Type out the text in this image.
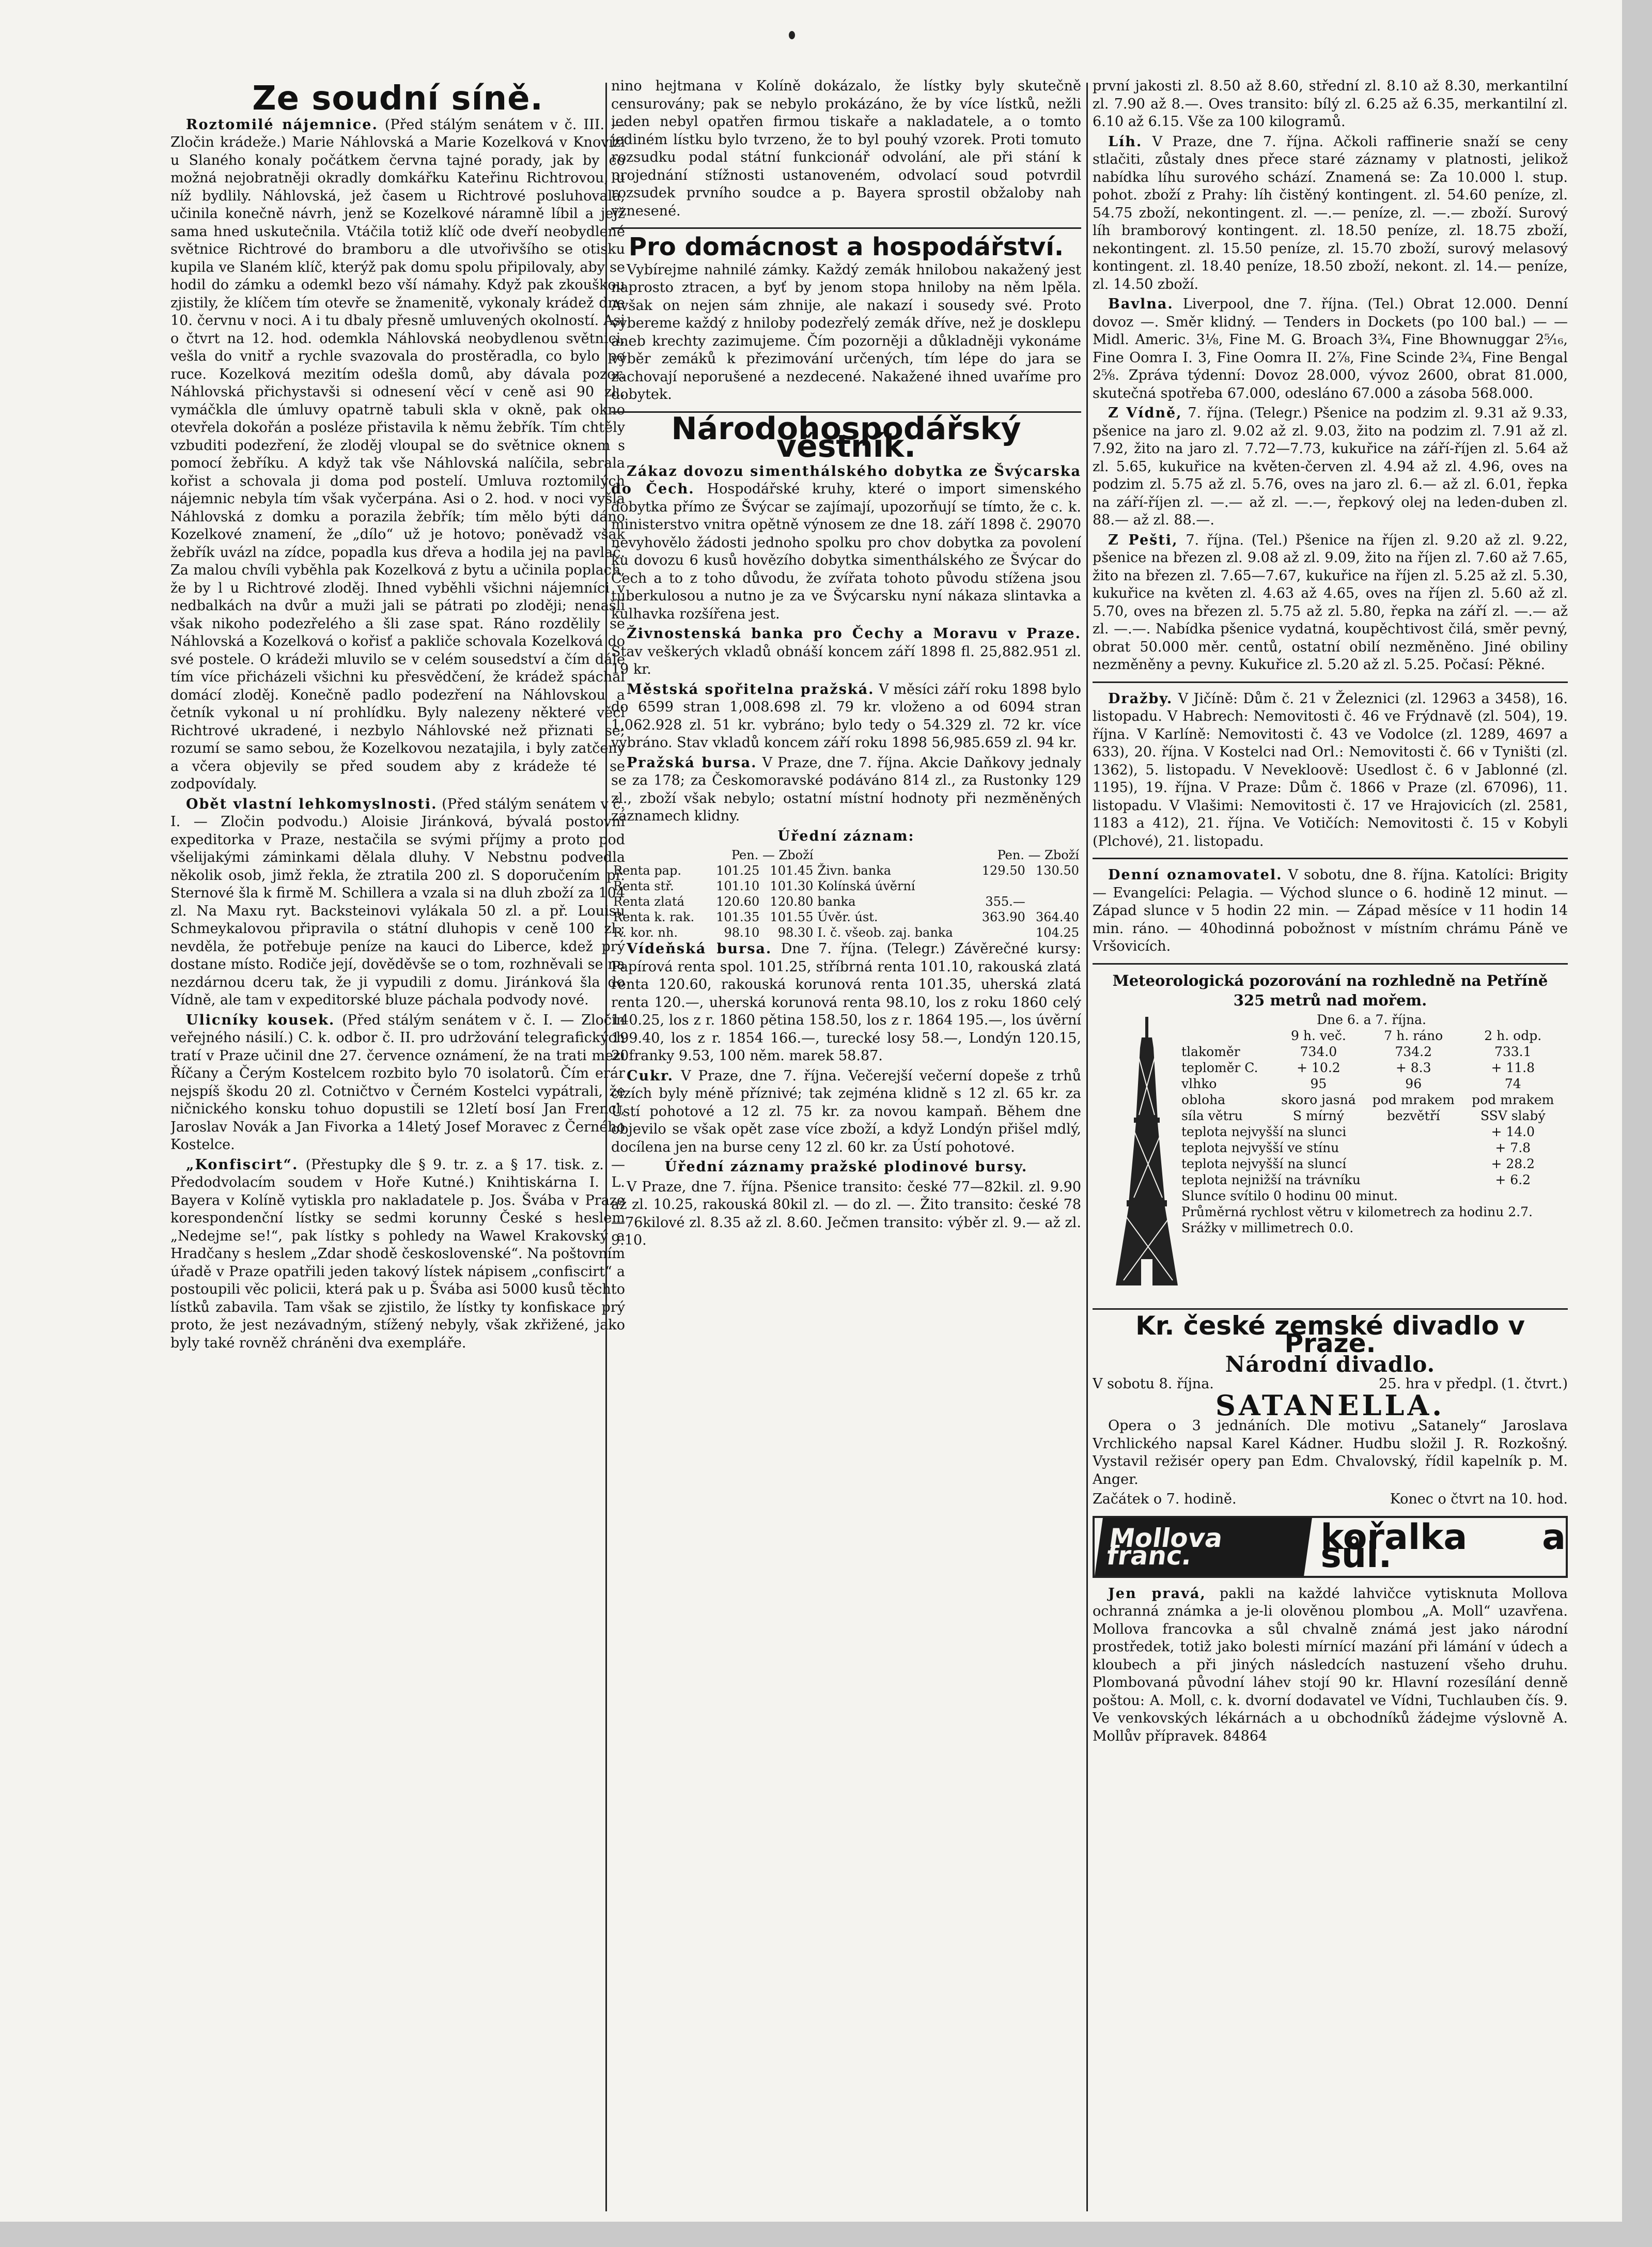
Ze soudní síně.

Roztomilé nájemnice. (Před stálým senátem v č. III. — Zločin krádeže.) Marie Náhlovská a Marie Kozelková v Knovízi u Slaného konaly počátkem června tajné porady, jak by co možná nejobratněji okradly domkářku Kateřinu Richtrovou, u níž bydlily. Náhlovská, jež časem u Richtrové posluhovala, učinila konečně návrh, jenž se Kozelkové náramně líbil a jejž sama hned uskutečnila. Vtáčila totiž klíč ode dveří neobydlené světnice Richtrové do bramboru a dle utvořivšího se otisku kupila ve Slaném klíč, kterýž pak domu spolu připilovaly, aby se hodil do zámku a odemkl bezo vší námahy. Když pak zkouškou zjistily, že klíčem tím otevře se žnamenitě, vykonaly krádež dne 10. červnu v noci. A i tu dbaly přesně umluvených okolností. Asi o čtvrt na 12. hod. odemkla Náhlovská neobydlenou světnici, vešla do vnitř a rychle svazovala do prostěradla, co bylo po ruce. Kozelková mezitím odešla domů, aby dávala pozor. Náhlovská přichystavši si odnesení věcí v ceně asi 90 zl., vymáčkla dle úmluvy opatrně tabuli skla v okně, pak okno otevřela dokořán a posléze přistavila k němu žebřík. Tím chtěly vzbuditi podezření, že zloděj vloupal se do světnice oknem s pomocí žebříku. A když tak vše Náhlovská nalíčila, sebrala kořist a schovala ji doma pod postelí. Umluva roztomilých nájemnic nebyla tím však vyčerpána. Asi o 2. hod. v noci vyšla Náhlovská z domku a porazila žebřík; tím mělo býti dáno Kozelkové znamení, že „dílo“ už je hotovo; poněvadž však žebřík uvázl na zídce, popadla kus dřeva a hodila jej na pavlač. Za malou chvíli vyběhla pak Kozelková z bytu a učinila poplach, že by l u Richtrové zloděj. Ihned vyběhli všichni nájemníci v nedbalkách na dvůr a muži jali se pátrati po zloději; nenašli však nikoho podezřelého a šli zase spat. Ráno rozdělily se Náhlovská a Kozelková o kořisť a pakliče schovala Kozelková do své postele. O krádeži mluvilo se v celém sousedství a čím dále tím více přicházeli všichni ku přesvědčení, že krádež spáchal domácí zloděj. Konečně padlo podezření na Náhlovskou a četník vykonal u ní prohlídku. Byly nalezeny některé věci Richtrové ukradené, i nezbylo Náhlovské než přiznati se; rozumí se samo sebou, že Kozelkovou nezatajila, i byly zatčeny a včera objevily se před soudem aby z krádeže té se zodpovídaly.

Obět vlastní lehkomyslnosti. (Před stálým senátem v č. I. — Zločin podvodu.) Aloisie Jiránková, bývalá postovní expeditorka v Praze, nestačila se svými příjmy a proto pod všelijakými záminkami dělala dluhy. V Nebstnu podvedla několik osob, jimž řekla, že ztratila 200 zl. S doporučením př. Sternové šla k firmě M. Schillera a vzala si na dluh zboží za 104 zl. Na Maxu ryt. Backsteinovi vylákala 50 zl. a př. Louisu Schmeykalovou připravila o státní dluhopis v ceně 100 zl.; nevděla, že potřebuje peníze na kauci do Liberce, kdež prý dostane místo. Rodiče její, dověděvše se o tom, rozhněvali se na nezdárnou dceru tak, že ji vypudili z domu. Jiránková šla do Vídně, ale tam v expeditorské bluze páchala podvody nové.

Ulicníky kousek. (Před stálým senátem v č. I. — Zločin veřejného násilí.) C. k. odbor č. II. pro udržování telegrafických tratí v Praze učinil dne 27. července oznámení, že na trati mezi Říčany a Čerým Kostelcem rozbito bylo 70 isolatorů. Čím erár nejspíš škodu 20 zl. Cotničtvo v Černém Kostelci vypátrali, že ničnického konsku tohuo dopustili se 12letí bosí Jan Frencl, Jaroslav Novák a Jan Fivorka a 14letý Josef Moravec z Černého Kostelce.

„Konfiscirt“. (Přestupky dle § 9. tr. z. a § 17. tisk. z. — Předodvolacím soudem v Hoře Kutné.) Knihtiskárna I. L. Bayera v Kolíně vytiskla pro nakladatele p. Jos. Švába v Praze korespondenční lístky se sedmi korunny České s heslem „Nedejme se!“, pak lístky s pohledy na Wawel Krakovský a Hradčany s heslem „Zdar shodě československé“. Na poštovním úřadě v Praze opatřili jeden takový lístek nápisem „confiscirt“ a postoupili věc policii, která pak u p. Švába asi 5000 kusů těchto lístků zabavila. Tam však se zjistilo, že lístky ty konfiskace prý proto, že jest nezávadným, stížený nebyly, však zkřižené, jako byly také rovněž chráněni dva exempláře.

nino hejtmana v Kolíně dokázalo, že lístky byly skutečně censurovány; pak se nebylo prokázáno, že by více lístků, nežli jeden nebyl opatřen firmou tiskaře a nakladatele, a o tomto jediném lístku bylo tvrzeno, že to byl pouhý vzorek. Proti tomuto rozsudku podal státní funkcionář odvolání, ale při stání k projednání stížnosti ustanoveném, odvolací soud potvrdil rozsudek prvního soudce a p. Bayera sprostil obžaloby nah vznesené.

Pro domácnost a hospodářství.

Vybírejme nahnilé zámky. Každý zemák hnilobou nakažený jest naprosto ztracen, a byť by jenom stopa hniloby na něm lpěla. Avšak on nejen sám zhnije, ale nakazí i sousedy své. Proto vybereme každý z hniloby podezřelý zemák dříve, než je dosklepu aneb krechty zazimujeme. Čím pozorněji a důkladněji vykonáme výběr zemáků k přezimování určených, tím lépe do jara se zachovají neporušené a nezdecené. Nakažené ihned uvaříme pro dobytek.

Národohospodářský věstník.

Zákaz dovozu simenthálského dobytka ze Švýcarska do Čech. Hospodářské kruhy, které o import simenského dobytka přímo ze Švýcar se zajímají, upozorňují se tímto, že c. k. ministerstvo vnitra opětně výnosem ze dne 18. září 1898 č. 29070 nevyhovělo žádosti jednoho spolku pro chov dobytka za povolení ku dovozu 6 kusů hovězího dobytka simenthálského ze Švýcar do Čech a to z toho důvodu, že zvířata tohoto původu stížena jsou tuberkulosou a nutno je za ve Švýcarsku nyní nákaza slintavka a kulhavka rozšířena jest.

Živnostenská banka pro Čechy a Moravu v Praze. Stav veškerých vkladů obnáší koncem září 1898 fl. 25,882.951 zl. 19 kr.

Městská spořitelna pražská. V měsíci září roku 1898 bylo do 6599 stran 1,008.698 zl. 79 kr. vloženo a od 6094 stran 1,062.928 zl. 51 kr. vybráno; bylo tedy o 54.329 zl. 72 kr. více vybráno. Stav vkladů koncem září roku 1898 56,985.659 zl. 94 kr.

Pražská bursa. V Praze, dne 7. října. Akcie Daňkovy jednaly se za 178; za Českomoravské podáváno 814 zl., za Rustonky 129 zl., zboží však nebylo; ostatní místní hodnoty při nezměněných záznamech klidny.

Úřední záznam:

	Pen. — Zboží			Pen. — Zboží	
Renta pap.	101.25	101.45	Živn. banka	129.50	130.50
Renta stř.	101.10	101.30	Kolínská úvěrní		
Renta zlatá	120.60	120.80	banka	355.—	
Renta k. rak.	101.35	101.55	Úvěr. úst.	363.90	364.40
R. kor. nh.	98.10	98.30	I. č. všeob. zaj. banka		104.25

Vídeňská bursa. Dne 7. října. (Telegr.) Závěrečné kursy: Papírová renta spol. 101.25, stříbrná renta 101.10, rakouská zlatá renta 120.60, rakouská korunová renta 101.35, uherská zlatá renta 120.—, uherská korunová renta 98.10, los z roku 1860 celý 140.25, los z r. 1860 pětina 158.50, los z r. 1864 195.—, los úvěrní 199.40, los z r. 1854 166.—, turecké losy 58.—, Londýn 120.15, 20franky 9.53, 100 něm. marek 58.87.

Cukr. V Praze, dne 7. října. Večerejší večerní dopeše z trhů cizích byly méně příznivé; tak zejména klidně s 12 zl. 65 kr. za Ústí pohotové a 12 zl. 75 kr. za novou kampaň. Během dne objevilo se však opět zase více zboží, a když Londýn přišel mdlý, docílena jen na burse ceny 12 zl. 60 kr. za Ústí pohotové.

Úřední záznamy pražské plodinové bursy.

V Praze, dne 7. října. Pšenice transito: české 77—82kil. zl. 9.90 až zl. 10.25, rakouská 80kil zl. — do zl. —. Žito transito: české 78—76kilové zl. 8.35 až zl. 8.60. Ječmen transito: výběr zl. 9.— až zl. 9.10.

první jakosti zl. 8.50 až 8.60, střední zl. 8.10 až 8.30, merkantilní zl. 7.90 až 8.—. Oves transito: bílý zl. 6.25 až 6.35, merkantilní zl. 6.10 až 6.15. Vše za 100 kilogramů.

Líh. V Praze, dne 7. října. Ačkoli raffinerie snaží se ceny stlačiti, zůstaly dnes přece staré záznamy v platnosti, jelikož nabídka líhu surového schází. Znamená se: Za 10.000 l. stup. pohot. zboží z Prahy: líh čistěný kontingent. zl. 54.60 peníze, zl. 54.75 zboží, nekontingent. zl. —.— peníze, zl. —.— zboží. Surový líh bramborový kontingent. zl. 18.50 peníze, zl. 18.75 zboží, nekontingent. zl. 15.50 peníze, zl. 15.70 zboží, surový melasový kontingent. zl. 18.40 peníze, 18.50 zboží, nekont. zl. 14.— peníze, zl. 14.50 zboží.

Bavlna. Liverpool, dne 7. října. (Tel.) Obrat 12.000. Denní dovoz —. Směr klidný. — Tenders in Dockets (po 100 bal.) — — Midl. Americ. 3⅛, Fine M. G. Broach 3¾, Fine Bhownuggar 2⁵⁄₁₆, Fine Oomra I. 3, Fine Oomra II. 2⅞, Fine Scinde 2¾, Fine Bengal 2⅝. Zpráva týdenní: Dovoz 28.000, vývoz 2600, obrat 81.000, skutečná spotřeba 67.000, odesláno 67.000 a zásoba 568.000.

Z Vídně, 7. října. (Telegr.) Pšenice na podzim zl. 9.31 až 9.33, pšenice na jaro zl. 9.02 až zl. 9.03, žito na podzim zl. 7.91 až zl. 7.92, žito na jaro zl. 7.72—7.73, kukuřice na září-říjen zl. 5.64 až zl. 5.65, kukuřice na květen-červen zl. 4.94 až zl. 4.96, oves na podzim zl. 5.75 až zl. 5.76, oves na jaro zl. 6.— až zl. 6.01, řepka na září-říjen zl. —.— až zl. —.—, řepkový olej na leden-duben zl. 88.— až zl. 88.—.

Z Pešti, 7. října. (Tel.) Pšenice na říjen zl. 9.20 až zl. 9.22, pšenice na březen zl. 9.08 až zl. 9.09, žito na říjen zl. 7.60 až 7.65, žito na březen zl. 7.65—7.67, kukuřice na říjen zl. 5.25 až zl. 5.30, kukuřice na květen zl. 4.63 až 4.65, oves na říjen zl. 5.60 až zl. 5.70, oves na březen zl. 5.75 až zl. 5.80, řepka na září zl. —.— až zl. —.—. Nabídka pšenice vydatná, koupěchtivost čilá, směr pevný, obrat 50.000 měr. centů, ostatní obilí nezměněno. Jiné obiliny nezměněny a pevny. Kukuřice zl. 5.20 až zl. 5.25. Počasí: Pěkné.

Dražby. V Jičíně: Dům č. 21 v Železnici (zl. 12963 a 3458), 16. listopadu. V Habrech: Nemovitosti č. 46 ve Frýdnavě (zl. 504), 19. října. V Karlíně: Nemovitosti č. 43 ve Vodolce (zl. 1289, 4697 a 633), 20. října. V Kostelci nad Orl.: Nemovitosti č. 66 v Tyništi (zl. 1362), 5. listopadu. V Nevekloově: Usedlost č. 6 v Jablonné (zl. 1195), 19. října. V Praze: Dům č. 1866 v Praze (zl. 67096), 11. listopadu. V Vlašimi: Nemovitosti č. 17 ve Hrajovicích (zl. 2581, 1183 a 412), 21. října. Ve Votičích: Nemovitosti č. 15 v Kobyli (Plchové), 21. listopadu.

Denní oznamovatel. V sobotu, dne 8. října. Katolíci: Brigity — Evangelíci: Pelagia. — Východ slunce o 6. hodině 12 minut. — Západ slunce v 5 hodin 22 min. — Západ měsíce v 11 hodin 14 min. ráno. — 40hodinná pobožnost v místním chrámu Páně ve Vršovicích.

Meteorologická pozorování na rozhledně na Petříně

325 metrů nad mořem.

Dne 6. a 7. října.			
	9 h. več.	7 h. ráno	2 h. odp.
tlakoměr	734.0	734.2	733.1
teploměr C.	+ 10.2	+ 8.3	+ 11.8
vlhko	95	96	74
obloha	skoro jasná	pod mrakem	pod mrakem
síla větru	S mírný	bezvětří	SSV slabý
teplota nejvyšší na slunci			+ 14.0
teplota nejvyšší ve stínu			+ 7.8
teplota nejvyšší na sluncí			+ 28.2
teplota nejnižší na trávníku			+ 6.2
Slunce svítilo 0 hodinu 00 minut.			
Průměrná rychlost větru v kilometrech za hodinu 2.7.			
Srážky v millimetrech 0.0.			

Kr. české zemské divadlo v Praze.

Národní divadlo.

V sobotu 8. října.	25. hra v předpl. (1. čtvrt.)

SATANELLA.

Opera o 3 jednáních. Dle motivu „Satanely“ Jaroslava Vrchlického napsal Karel Kádner. Hudbu složil J. R. Rozkošný. Vystavil režisér opery pan Edm. Chvalovský, řídil kapelník p. M. Anger.

Začátek o 7. hodině.	Konec o čtvrt na 10. hod.

Mollova franc.	kořalka a sůl.

Jen pravá, pakli na každé lahvičce vytisknuta Mollova ochranná známka a je-li olověnou plombou „A. Moll“ uzavřena. Mollova francovka a sůl chvalně známá jest jako národní prostředek, totiž jako bolesti mírnící mazání při lámání v údech a kloubech a při jiných následcích nastuzení všeho druhu. Plombovaná původní láhev stojí 90 kr. Hlavní rozesílání denně poštou: A. Moll, c. k. dvorní dodavatel ve Vídni, Tuchlauben čís. 9. Ve venkovských lékárnách a u obchodníků žádejme výslovně A. Mollův přípravek. 84864
